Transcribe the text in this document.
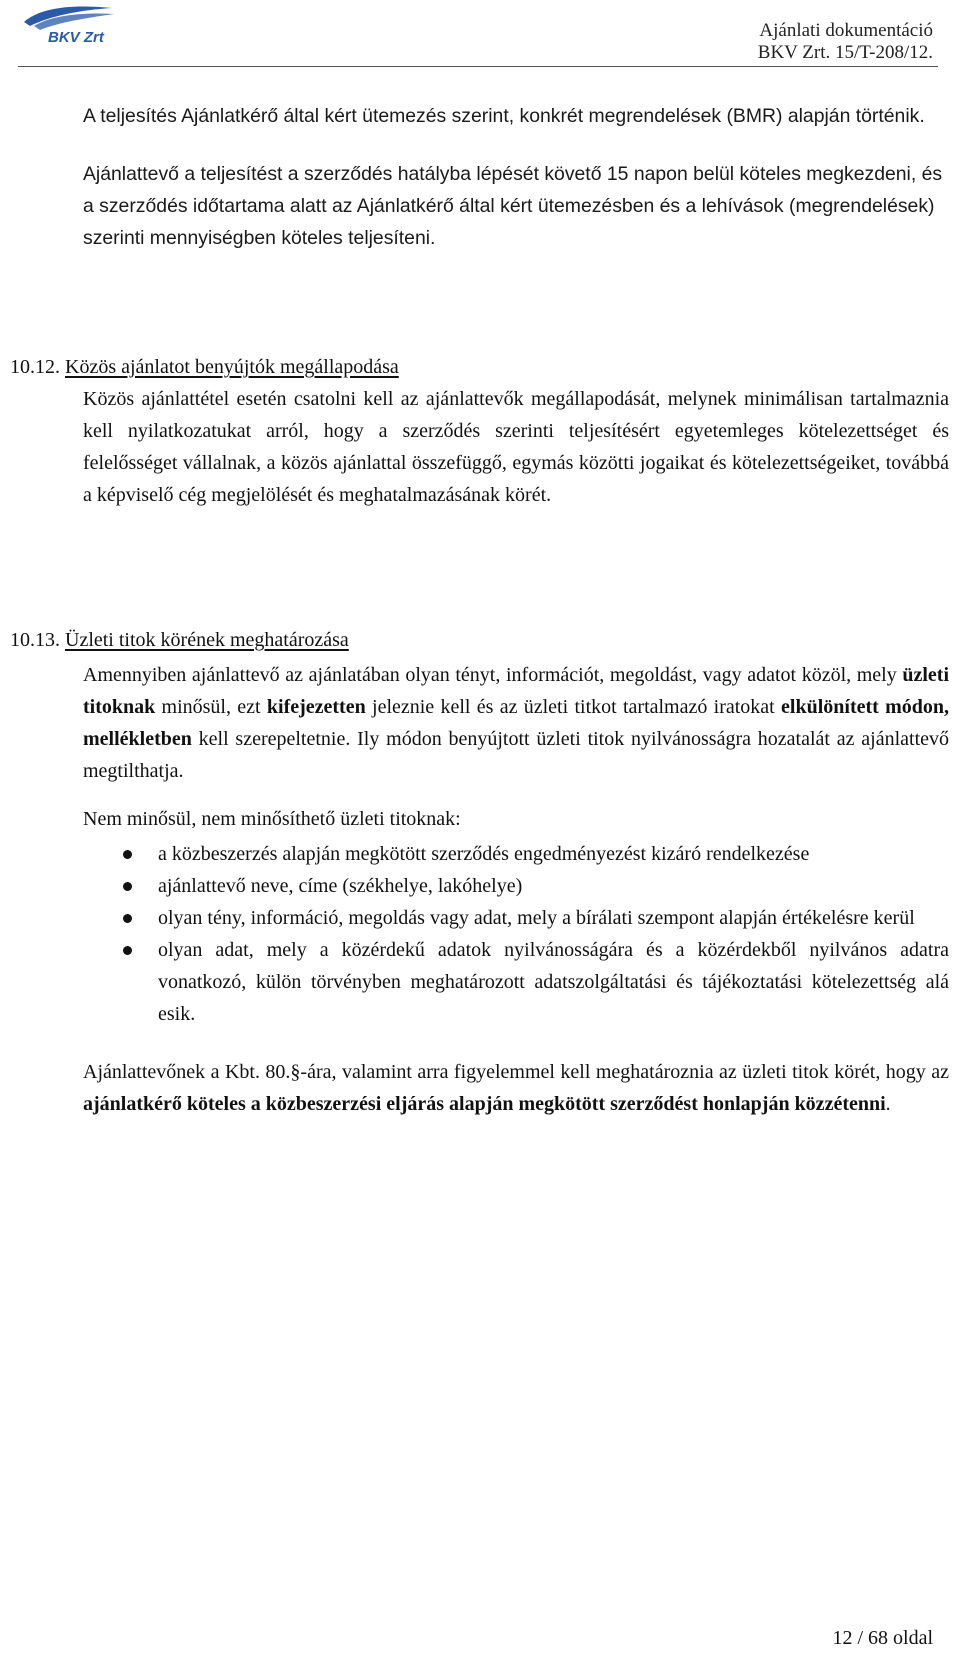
BKV Zrt	Ajánlati dokumentáció
BKV Zrt. 15/T-208/12.

A teljesítés Ajánlatkérő által kért ütemezés szerint, konkrét megrendelések (BMR) alapján történik.

Ajánlattevő a teljesítést a szerződés hatályba lépését követő 15 napon belül köteles megkezdeni, és a szerződés időtartama alatt az Ajánlatkérő által kért ütemezésben és a lehívások (megrendelések) szerinti mennyiségben köteles teljesíteni.

10.12. Közös ajánlatot benyújtók megállapodása

Közös ajánlattétel esetén csatolni kell az ajánlattevők megállapodását, melynek minimálisan tartalmaznia kell nyilatkozatukat arról, hogy a szerződés szerinti teljesítésért egyetemleges kötelezettséget és felelősséget vállalnak, a közös ajánlattal összefüggő, egymás közötti jogaikat és kötelezettségeiket, továbbá a képviselő cég megjelölését és meghatalmazásának körét.

10.13. Üzleti titok körének meghatározása

Amennyiben ajánlattevő az ajánlatában olyan tényt, információt, megoldást, vagy adatot közöl, mely üzleti titoknak minősül, ezt kifejezetten jeleznie kell és az üzleti titkot tartalmazó iratokat elkülönített módon, mellékletben kell szerepeltetnie. Ily módon benyújtott üzleti titok nyilvánosságra hozatalát az ajánlattevő megtilthatja.

Nem minősül, nem minősíthető üzleti titoknak:

a közbeszerzés alapján megkötött szerződés engedményezést kizáró rendelkezése
ajánlattevő neve, címe (székhelye, lakóhelye)
olyan tény, információ, megoldás vagy adat, mely a bírálati szempont alapján értékelésre kerül
olyan adat, mely a közérdekű adatok nyilvánosságára és a közérdekből nyilvános adatra vonatkozó, külön törvényben meghatározott adatszolgáltatási és tájékoztatási kötelezettség alá esik.

Ajánlattevőnek a Kbt. 80.§-ára, valamint arra figyelemmel kell meghatároznia az üzleti titok körét, hogy az ajánlatkérő köteles a közbeszerzési eljárás alapján megkötött szerződést honlapján közzétenni.

12 / 68 oldal
